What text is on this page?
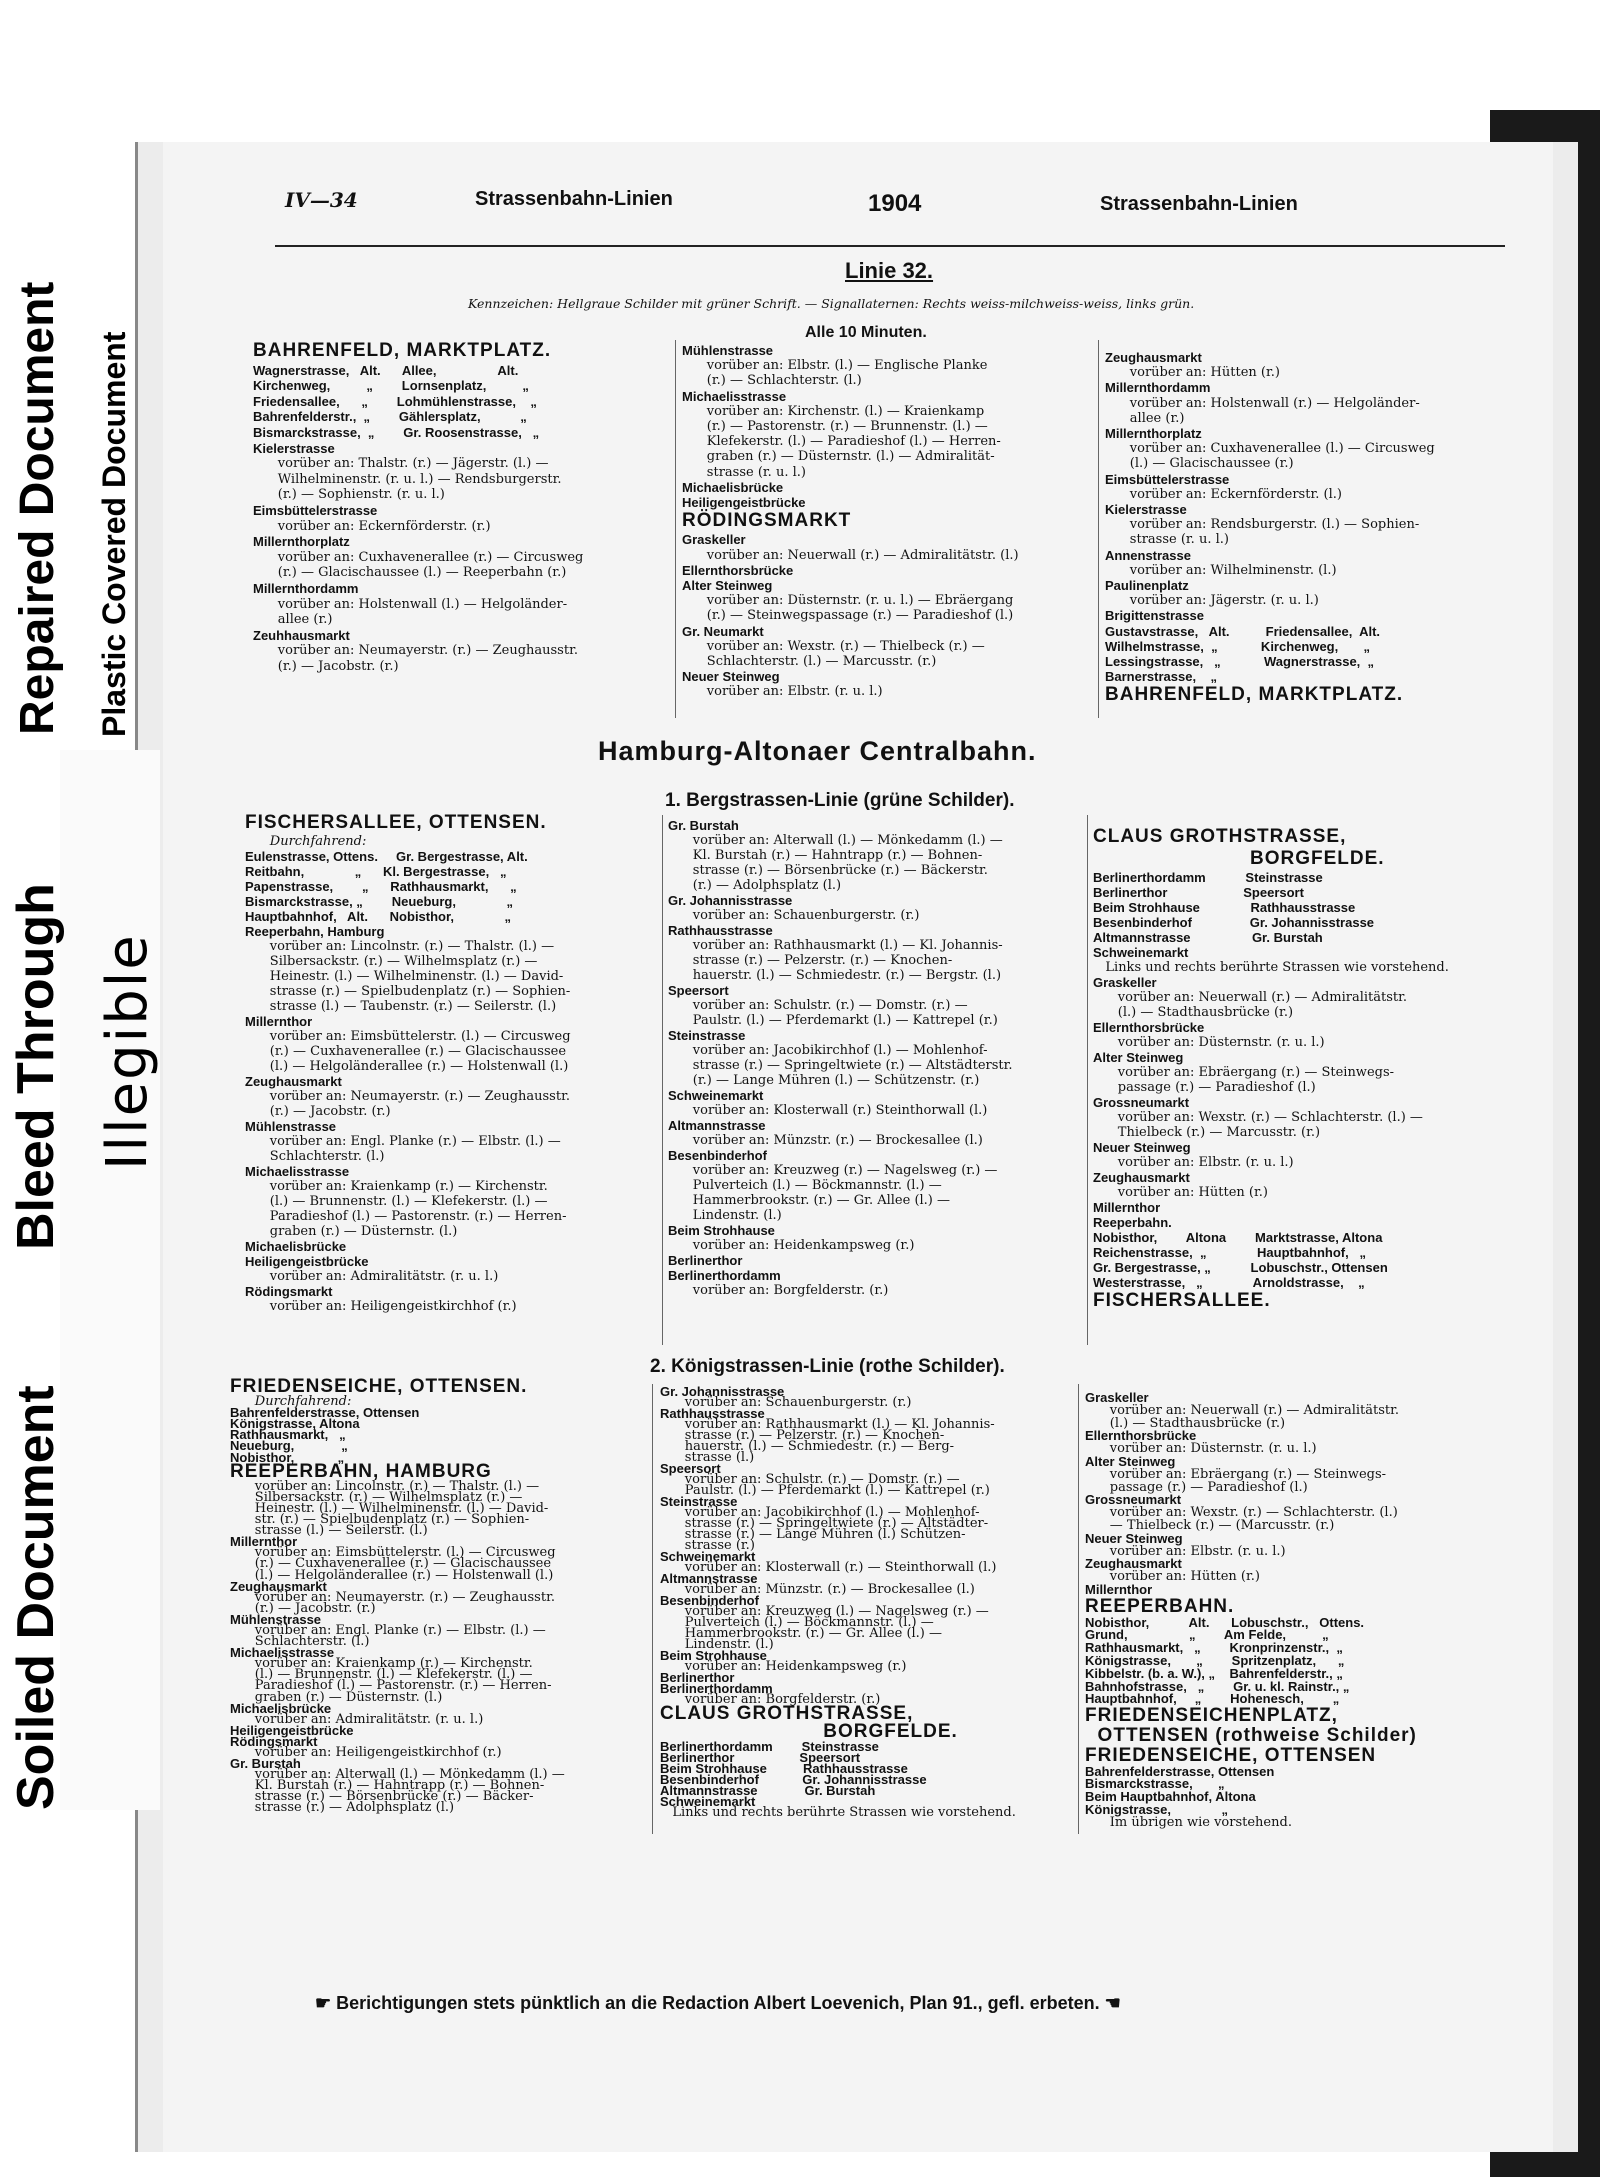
Soiled Document
Repaired Document
Illegible
Plastic Covered Document
Bleed Through
IV—34	Strassenbahn-Linien	1904	Strassenbahn-Linien
Linie 32.
Kennzeichen: Hellgraue Schilder mit grüner Schrift. — Signallaternen: Rechts weiss-milchweiss-weiss, links grün.
Alle 10 Minuten.
BAHRENFELD, MARKTPLATZ.
Wagnerstrasse,   Alt.      Allee,                 Alt.
Kirchenweg,          „        Lornsenplatz,          „
Friedensallee,      „        Lohmühlenstrasse,    „
Bahrenfelderstr.,  „        Gählersplatz,           „
Bismarckstrasse,  „        Gr. Roosenstrasse,   „
Kielerstrasse
vorüber an: Thalstr. (r.) — Jägerstr. (l.) —
Wilhelminenstr. (r. u. l.) — Rendsburgerstr.
(r.) — Sophienstr. (r. u. l.)
Eimsbüttelerstrasse
vorüber an: Eckernförderstr. (r.)
Millernthorplatz
vorüber an: Cuxhavenerallee (r.) — Circusweg
(r.) — Glacischaussee (l.) — Reeperbahn (r.)
Millernthordamm
vorüber an: Holstenwall (l.) — Helgoländer-
allee (r.)
Zeuhhausmarkt
vorüber an: Neumayerstr. (r.) — Zeughausstr.
(r.) — Jacobstr. (r.)
Mühlenstrasse
vorüber an: Elbstr. (l.) — Englische Planke
(r.) — Schlachterstr. (l.)
Michaelisstrasse
vorüber an: Kirchenstr. (l.) — Kraienkamp
(r.) — Pastorenstr. (r.) — Brunnenstr. (l.) —
Klefekerstr. (l.) — Paradieshof (l.) — Herren-
graben (r.) — Düsternstr. (l.) — Admiralität-
strasse (r. u. l.)
Michaelisbrücke
Heiligengeistbrücke
RÖDINGSMARKT
Graskeller
vorüber an: Neuerwall (r.) — Admiralitätstr. (l.)
Ellernthorsbrücke
Alter Steinweg
vorüber an: Düsternstr. (r. u. l.) — Ebräergang
(r.) — Steinwegspassage (r.) — Paradieshof (l.)
Gr. Neumarkt
vorüber an: Wexstr. (r.) — Thielbeck (r.) —
Schlachterstr. (l.) — Marcusstr. (r.)
Neuer Steinweg
vorüber an: Elbstr. (r. u. l.)
Zeughausmarkt
vorüber an: Hütten (r.)
Millernthordamm
vorüber an: Holstenwall (r.) — Helgoländer-
allee (r.)
Millernthorplatz
vorüber an: Cuxhavenerallee (l.) — Circusweg
(l.) — Glacischaussee (r.)
Eimsbüttelerstrasse
vorüber an: Eckernförderstr. (l.)
Kielerstrasse
vorüber an: Rendsburgerstr. (l.) — Sophien-
strasse (r. u. l.)
Annenstrasse
vorüber an: Wilhelminenstr. (l.)
Paulinenplatz
vorüber an: Jägerstr. (r. u. l.)
Brigittenstrasse
Gustavstrasse,   Alt.          Friedensallee,  Alt.
Wilhelmstrasse,  „            Kirchenweg,       „
Lessingstrasse,   „            Wagnerstrasse,  „
Barnerstrasse,    „
BAHRENFELD, MARKTPLATZ.
Hamburg-Altonaer Centralbahn.
1. Bergstrassen-Linie (grüne Schilder).
FISCHERSALLEE, OTTENSEN.
Durchfahrend:
Eulenstrasse, Ottens.     Gr. Bergestrasse, Alt.
Reitbahn,              „      Kl. Bergestrasse,   „
Papenstrasse,        „      Rathhausmarkt,      „
Bismarckstrasse, „        Neueburg,              „
Hauptbahnhof,   Alt.      Nobisthor,              „
Reeperbahn, Hamburg
vorüber an: Lincolnstr. (r.) — Thalstr. (l.) —
Silbersackstr. (r.) — Wilhelmsplatz (r.) —
Heinestr. (l.) — Wilhelminenstr. (l.) — David-
strasse (r.) — Spielbudenplatz (r.) — Sophien-
strasse (l.) — Taubenstr. (r.) — Seilerstr. (l.)
Millernthor
vorüber an: Eimsbüttelerstr. (l.) — Circusweg
(r.) — Cuxhavenerallee (r.) — Glacischaussee
(l.) — Helgoländerallee (r.) — Holstenwall (l.)
Zeughausmarkt
vorüber an: Neumayerstr. (r.) — Zeughausstr.
(r.) — Jacobstr. (r.)
Mühlenstrasse
vorüber an: Engl. Planke (r.) — Elbstr. (l.) —
Schlachterstr. (l.)
Michaelisstrasse
vorüber an: Kraienkamp (r.) — Kirchenstr.
(l.) — Brunnenstr. (l.) — Klefekerstr. (l.) —
Paradieshof (l.) — Pastorenstr. (r.) — Herren-
graben (r.) — Düsternstr. (l.)
Michaelisbrücke
Heiligengeistbrücke
vorüber an: Admiralitätstr. (r. u. l.)
Rödingsmarkt
vorüber an: Heiligengeistkirchhof (r.)
Gr. Burstah
vorüber an: Alterwall (l.) — Mönkedamm (l.) —
Kl. Burstah (r.) — Hahntrapp (r.) — Bohnen-
strasse (r.) — Börsenbrücke (r.) — Bäckerstr.
(r.) — Adolphsplatz (l.)
Gr. Johannisstrasse
vorüber an: Schauenburgerstr. (r.)
Rathhausstrasse
vorüber an: Rathhausmarkt (l.) — Kl. Johannis-
strasse (r.) — Pelzerstr. (r.) — Knochen-
hauerstr. (l.) — Schmiedestr. (r.) — Bergstr. (l.)
Speersort
vorüber an: Schulstr. (r.) — Domstr. (r.) —
Paulstr. (l.) — Pferdemarkt (l.) — Kattrepel (r.)
Steinstrasse
vorüber an: Jacobikirchhof (l.) — Mohlenhof-
strasse (r.) — Springeltwiete (r.) — Altstädterstr.
(r.) — Lange Mühren (l.) — Schützenstr. (r.)
Schweinemarkt
vorüber an: Klosterwall (r.) Steinthorwall (l.)
Altmannstrasse
vorüber an: Münzstr. (r.) — Brockesallee (l.)
Besenbinderhof
vorüber an: Kreuzweg (r.) — Nagelsweg (r.) —
Pulverteich (l.) — Böckmannstr. (l.) —
Hammerbrookstr. (r.) — Gr. Allee (l.) —
Lindenstr. (l.)
Beim Strohhause
vorüber an: Heidenkampsweg (r.)
Berlinerthor
Berlinerthordamm
vorüber an: Borgfelderstr. (r.)
CLAUS GROTHSTRASSE,
BORGFELDE.
Berlinerthordamm           Steinstrasse
Berlinerthor                     Speersort
Beim Strohhause              Rathhausstrasse
Besenbinderhof                Gr. Johannisstrasse
Altmannstrasse                 Gr. Burstah
Schweinemarkt
Links und rechts berührte Strassen wie vorstehend.
Graskeller
vorüber an: Neuerwall (r.) — Admiralitätstr.
(l.) — Stadthausbrücke (r.)
Ellernthorsbrücke
vorüber an: Düsternstr. (r. u. l.)
Alter Steinweg
vorüber an: Ebräergang (r.) — Steinwegs-
passage (r.) — Paradieshof (l.)
Grossneumarkt
vorüber an: Wexstr. (r.) — Schlachterstr. (l.) —
Thielbeck (r.) — Marcusstr. (r.)
Neuer Steinweg
vorüber an: Elbstr. (r. u. l.)
Zeughausmarkt
vorüber an: Hütten (r.)
Millernthor
Reeperbahn.
Nobisthor,        Altona        Marktstrasse, Altona
Reichenstrasse,  „              Hauptbahnhof,   „
Gr. Bergestrasse, „           Lobuschstr., Ottensen
Westerstrasse,   „              Arnoldstrasse,    „
FISCHERSALLEE.
2. Königstrassen-Linie (rothe Schilder).
FRIEDENSEICHE, OTTENSEN.
Durchfahrend:
Bahrenfelderstrasse, Ottensen
Königstrasse, Altona
Rathhausmarkt,   „
Neueburg,             „
Nobisthor,            „
REEPERBAHN, HAMBURG
vorüber an: Lincolnstr. (r.) — Thalstr. (l.) —
Silbersackstr. (r.) — Wilhelmsplatz (r.) —
Heinestr. (l.) — Wilhelminenstr. (l.) — David-
str. (r.) — Spielbudenplatz (r.) — Sophien-
strasse (l.) — Seilerstr. (l.)
Millernthor
vorüber an: Eimsbüttelerstr. (l.) — Circusweg
(r.) — Cuxhavenerallee (r.) — Glacischaussee
(l.) — Helgoländerallee (r.) — Holstenwall (l.)
Zeughausmarkt
vorüber an: Neumayerstr. (r.) — Zeughausstr.
(r.) — Jacobstr. (r.)
Mühlenstrasse
vorüber an: Engl. Planke (r.) — Elbstr. (l.) —
Schlachterstr. (l.)
Michaelisstrasse
vorüber an: Kraienkamp (r.) — Kirchenstr.
(l.) — Brunnenstr. (l.) — Klefekerstr. (l.) —
Paradieshof (l.) — Pastorenstr. (r.) — Herren-
graben (r.) — Düsternstr. (l.)
Michaelisbrücke
vorüber an: Admiralitätstr. (r. u. l.)
Heiligengeistbrücke
Rödingsmarkt
vorüber an: Heiligengeistkirchhof (r.)
Gr. Burstah
vorüber an: Alterwall (l.) — Mönkedamm (l.) —
Kl. Burstah (r.) — Hahntrapp (r.) — Bohnen-
strasse (r.) — Börsenbrücke (r.) — Bäcker-
strasse (r.) — Adolphsplatz (l.)
Gr. Johannisstrasse
vorüber an: Schauenburgerstr. (r.)
Rathhausstrasse
vorüber an: Rathhausmarkt (l.) — Kl. Johannis-
strasse (r.) — Pelzerstr. (r.) — Knochen-
hauerstr. (l.) — Schmiedestr. (r.) — Berg-
strasse (l.)
Speersort
vorüber an: Schulstr. (r.) — Domstr. (r.) —
Paulstr. (l.) — Pferdemarkt (l.) — Kattrepel (r.)
Steinstrasse
vorüber an: Jacobikirchhof (l.) — Mohlenhof-
strasse (r.) — Springeltwiete (r.) — Altstädter-
strasse (r.) — Lange Mühren (l.) Schützen-
strasse (r.)
Schweinemarkt
vorüber an: Klosterwall (r.) — Steinthorwall (l.)
Altmannstrasse
vorüber an: Münzstr. (r.) — Brockesallee (l.)
Besenbinderhof
vorüber an: Kreuzweg (l.) — Nagelsweg (r.) —
Pulverteich (l.) — Böckmannstr. (l.) —
Hammerbrookstr. (r.) — Gr. Allee (l.) —
Lindenstr. (l.)
Beim Strohhause
vorüber an: Heidenkampsweg (r.)
Berlinerthor
Berlinerthordamm
vorüber an: Borgfelderstr. (r.)
CLAUS GROTHSTRASSE,
BORGFELDE.
Berlinerthordamm        Steinstrasse
Berlinerthor                  Speersort
Beim Strohhause          Rathhausstrasse
Besenbinderhof            Gr. Johannisstrasse
Altmannstrasse             Gr. Burstah
Schweinemarkt
Links und rechts berührte Strassen wie vorstehend.
Graskeller
vorüber an: Neuerwall (r.) — Admiralitätstr.
(l.) — Stadthausbrücke (r.)
Ellernthorsbrücke
vorüber an: Düsternstr. (r. u. l.)
Alter Steinweg
vorüber an: Ebräergang (r.) — Steinwegs-
passage (r.) — Paradieshof (l.)
Grossneumarkt
vorüber an: Wexstr. (r.) — Schlachterstr. (l.)
— Thielbeck (r.) — (Marcusstr. (r.)
Neuer Steinweg
vorüber an: Elbstr. (r. u. l.)
Zeughausmarkt
vorüber an: Hütten (r.)
Millernthor
REEPERBAHN.
Nobisthor,           Alt.      Lobuschstr.,   Ottens.
Grund,                 „        Am Felde,          „
Rathhausmarkt,   „        Kronprinzenstr.,  „
Königstrasse,       „        Spritzenplatz,      „
Kibbelstr. (b. a. W.), „    Bahrenfelderstr., „
Bahnhofstrasse,   „        Gr. u. kl. Rainstr., „
Hauptbahnhof,     „        Hohenesch,        „
FRIEDENSEICHENPLATZ,
OTTENSEN (rothweise Schilder)
FRIEDENSEICHE, OTTENSEN
Bahrenfelderstrasse, Ottensen
Bismarckstrasse,       „
Beim Hauptbahnhof, Altona
Königstrasse,              „
Im übrigen wie vorstehend.
☛ Berichtigungen stets pünktlich an die Redaction Albert Loevenich, Plan 91., gefl. erbeten. ☚
